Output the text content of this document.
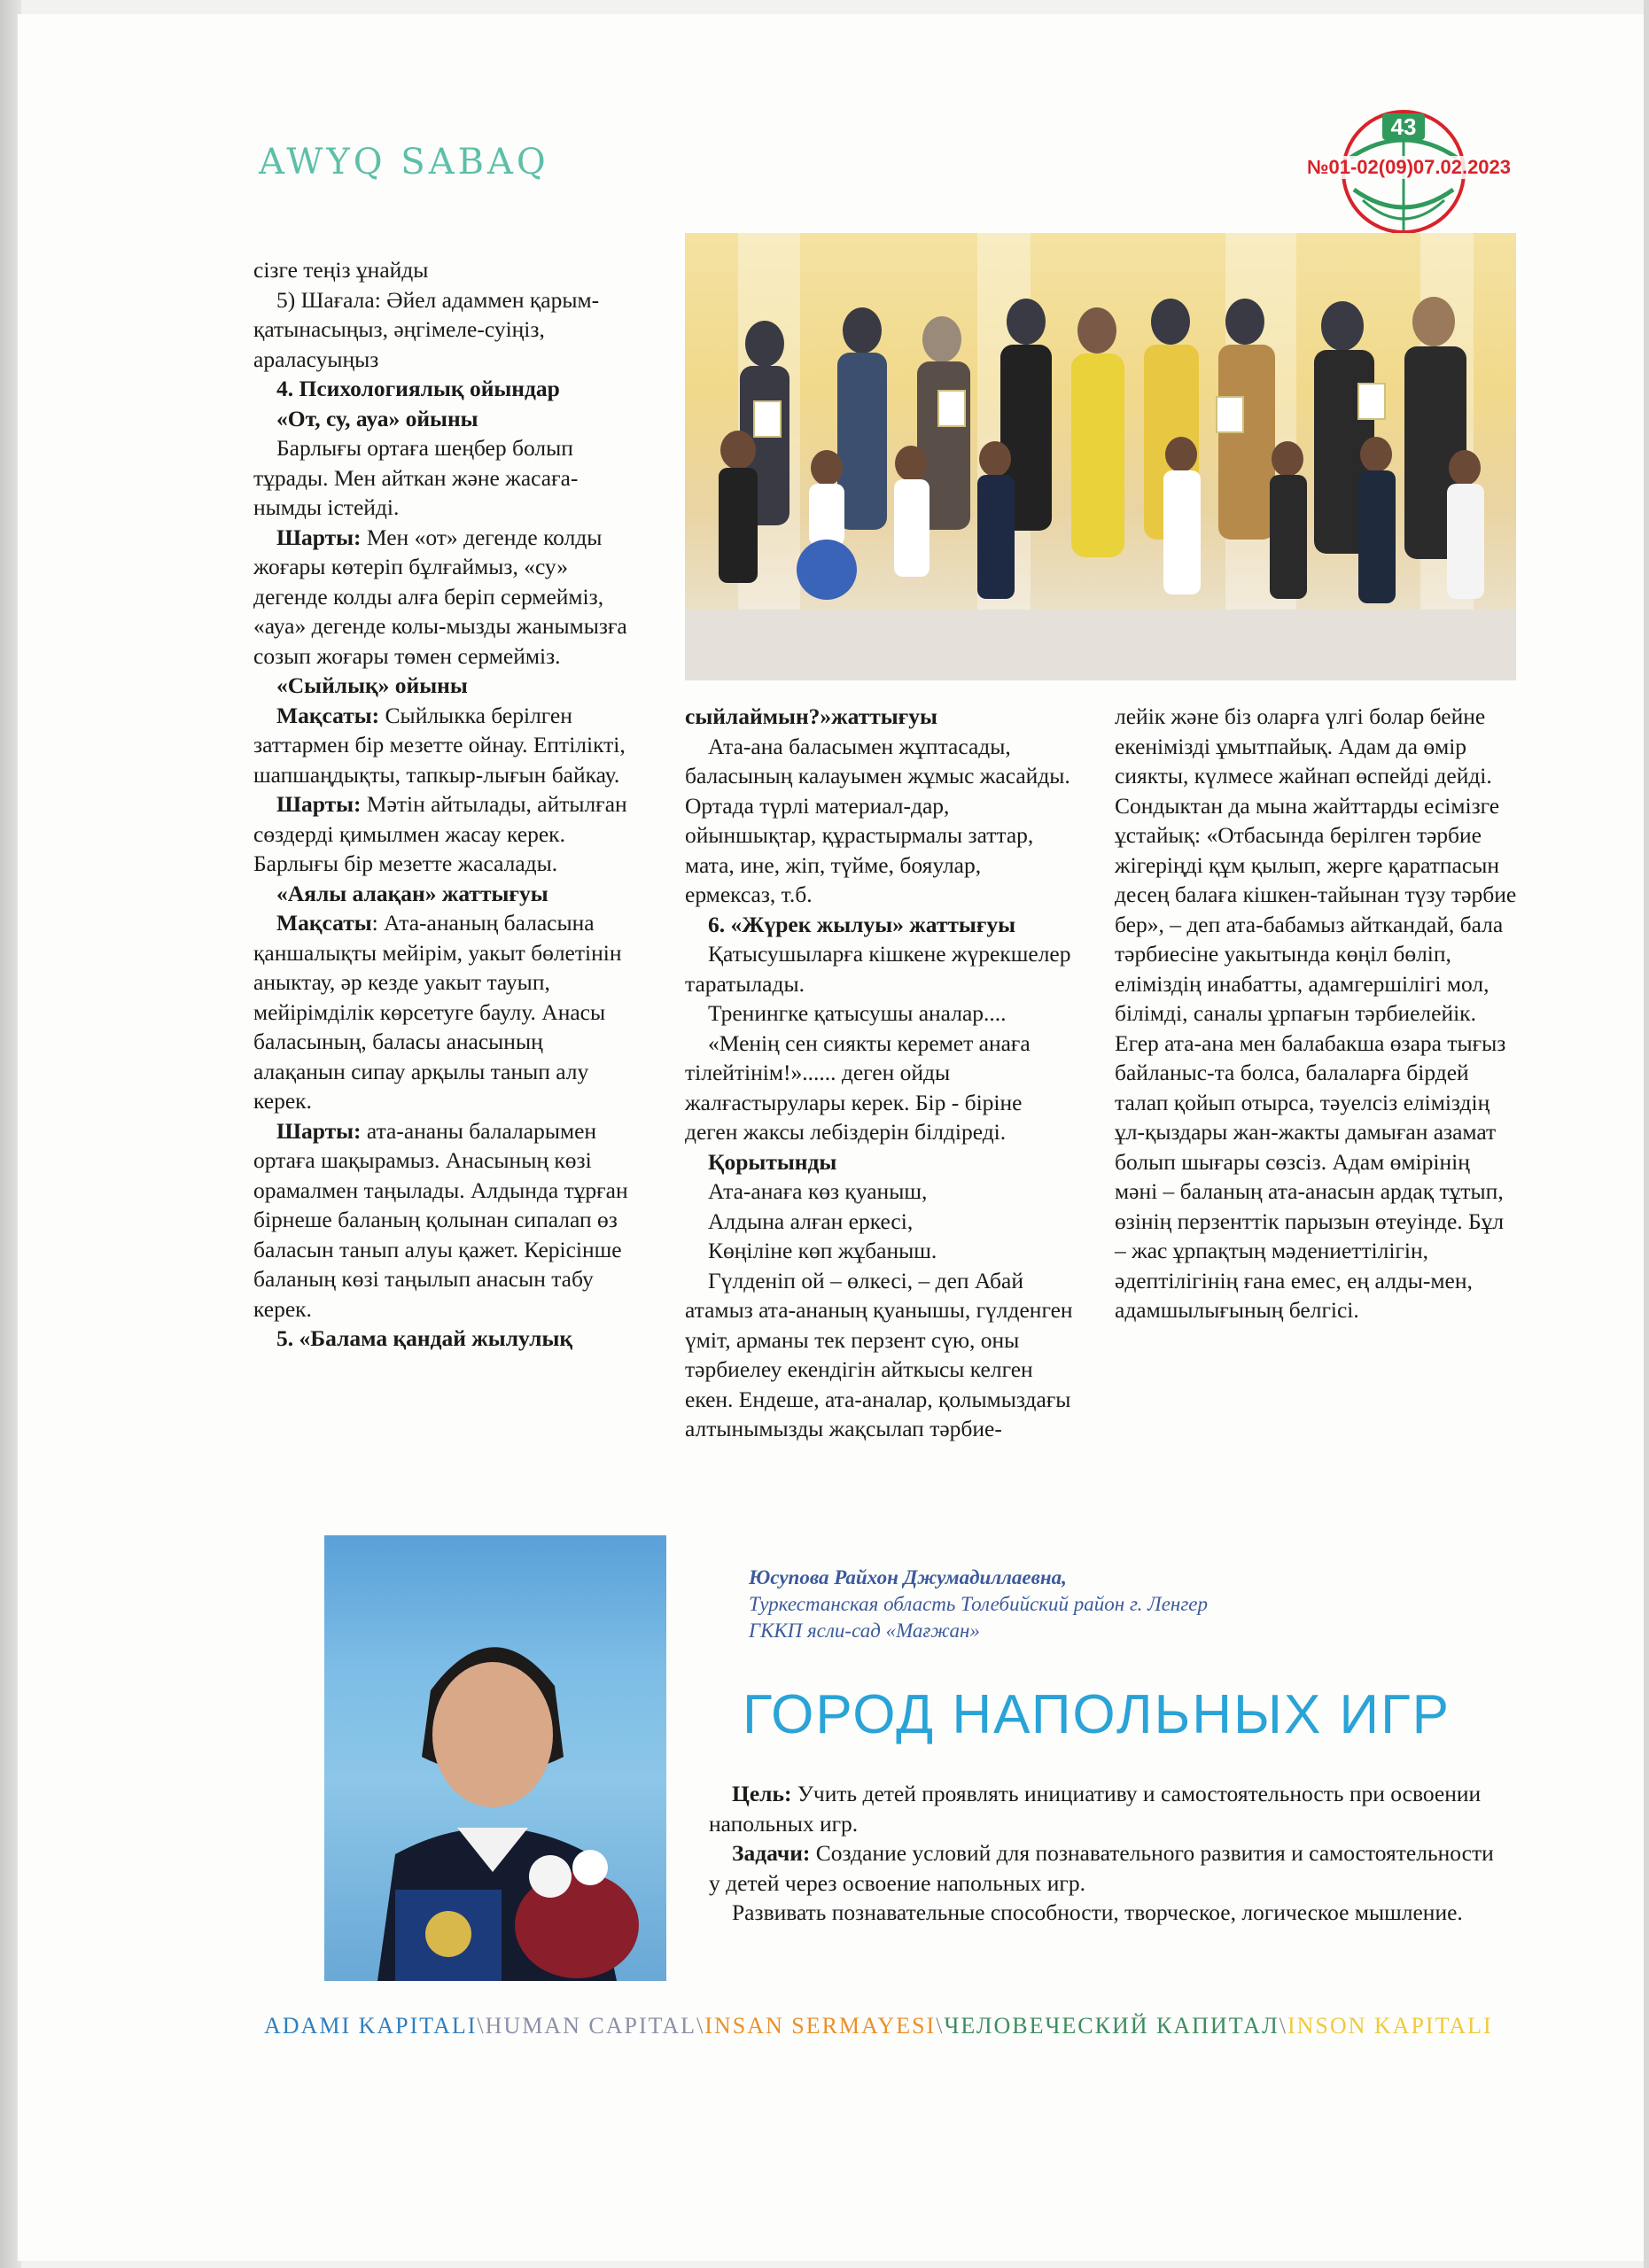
AWYQ SABAQ
43
№01-02(09)07.02.2023

сізге теңіз ұнайды

5) Шағала: Әйел адаммен қарым-қатынасыңыз, әңгімеле-суіңіз, араласуыңыз

4. Психологиялық ойындар

«От, су, ауа» ойыны

Барлығы ортаға шеңбер болып тұрады. Мен айткан және жасаға-нымды істейді.

Шарты: Мен «от» дегенде колды жоғары көтеріп бұлғаймыз, «су» дегенде колды алға беріп сермейміз, «ауа» дегенде колы-мызды жанымызға созып жоғары төмен сермейміз.

«Сыйлық» ойыны

Мақсаты: Сыйлыкка берілген заттармен бір мезетте ойнау. Ептілікті, шапшаңдықты, тапкыр-лығын байкау.

Шарты: Мәтін айтылады, айтылған сөздерді қимылмен жасау керек. Барлығы бір мезетте жасалады.

«Аялы алақан» жаттығуы

Мақсаты: Ата-ананың баласына қаншалықты мейірім, уакыт бөлетінін аныктау, әр кезде уакыт тауып, мейірімділік көрсетуге баулу. Анасы баласының, баласы анасының алақанын сипау арқылы танып алу керек.

Шарты: ата-ананы балаларымен ортаға шақырамыз. Анасының көзі орамалмен таңылады. Алдында тұрған бірнеше баланың қолынан сипалап өз баласын танып алуы қажет. Керісінше баланың көзі таңылып анасын табу керек.

5. «Балама қандай жылулық

сыйлаймын?»жаттығуы

Ата-ана баласымен жұптасады, баласының калауымен жұмыс жасайды. Ортада түрлі материал-дар, ойыншықтар, құрастырмалы заттар, мата, ине, жіп, түйме, бояулар, ермексаз, т.б.

6. «Жүрек жылуы» жаттығуы

Қатысушыларға кішкене жүрекшелер таратылады.

Тренингке қатысушы аналар....

«Менің сен сиякты керемет анаға тілейтінім!»...... деген ойды жалғастырулары керек. Бір - біріне деген жаксы лебіздерін білдіреді.

Қорытынды

Ата-анаға көз қуаныш,

Алдына алған еркесі,

Көңіліне көп жұбаныш.

Гүлденіп ой – өлкесі, – деп Абай атамыз ата-ананың қуанышы, гүлденген үміт, арманы тек перзент сүю, оны тәрбиелеу екендігін айткысы келген екен. Ендеше, ата-аналар, қолымыздағы алтынымызды жақсылап тәрбие-

лейік және біз оларға үлгі болар бейне екенімізді ұмытпайық. Адам да өмір сиякты, күлмесе жайнап өспейді дейді. Сондыктан да мына жайттарды есімізге ұстайық: «Отбасында берілген тәрбие жігеріңді құм қылып, жерге қаратпасын десең балаға кішкен-тайынан түзу тәрбие бер», – деп ата-бабамыз айткандай, бала тәрбиесіне уакытында көңіл бөліп, еліміздің инабатты, адамгершілігі мол, білімді, саналы ұрпағын тәрбиелейік. Егер ата-ана мен балабакша өзара тығыз байланыс-та болса, балаларға бірдей талап қойып отырса, тәуелсіз еліміздің ұл-қыздары жан-жакты дамыған азамат болып шығары сөзсіз. Адам өмірінің мәні – баланың ата-анасын ардақ тұтып, өзінің перзенттік парызын өтеуінде. Бұл – жас ұрпақтың мәдениеттілігін, әдептілігінің ғана емес, ең алды-мен, адамшылығының белгісі.

Юсупова Райхон Джумадиллаевна,

Туркестанская область Толебийский район г. Ленгер

ГККП ясли-сад «Мағжан»

ГОРОД НАПОЛЬНЫХ ИГР

Цель: Учить детей проявлять инициативу и самостоятельность при освоении напольных игр.

Задачи: Создание условий для познавательного развития и самостоятельности у детей через освоение напольных игр.

Развивать познавательные способности, творческое, логическое мышление.

ADAMI KAPITALI\HUMAN CAPITAL\INSAN SERMAYESI\ЧЕЛОВЕЧЕСКИЙ КАПИТАЛ\INSON KAPITALI
